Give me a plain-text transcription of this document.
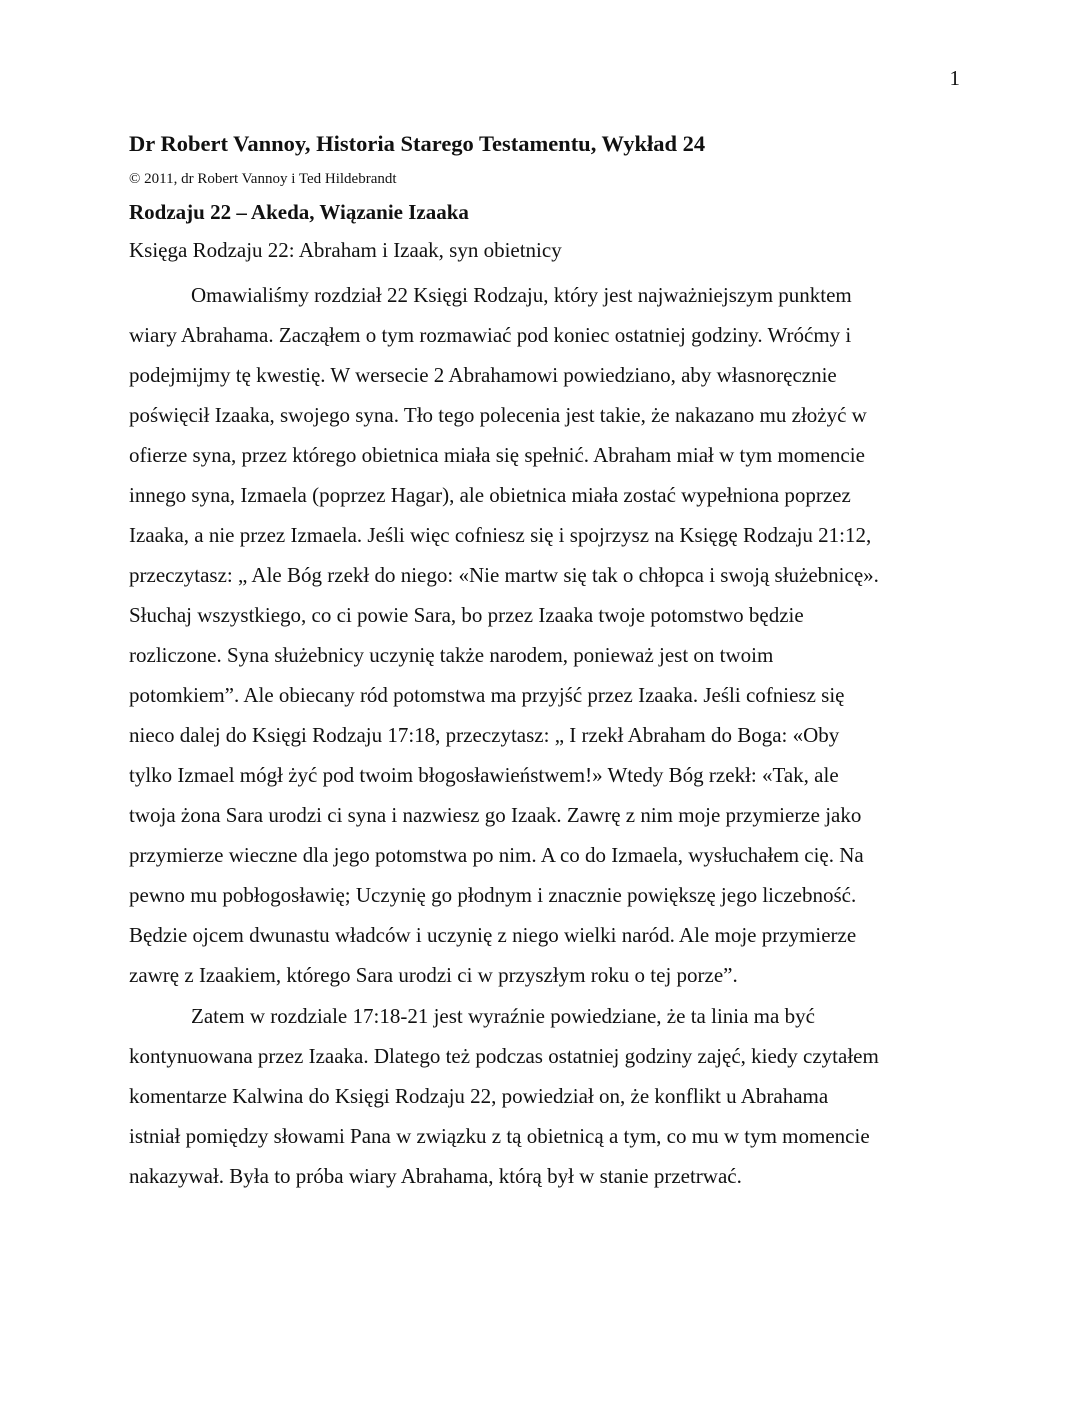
1
Dr Robert Vannoy, Historia Starego Testamentu, Wykład 24

© 2011, dr Robert Vannoy i Ted Hildebrandt

Rodzaju 22 – Akeda, Wiązanie Izaaka

Księga Rodzaju 22: Abraham i Izaak, syn obietnicy

Omawialiśmy rozdział 22 Księgi Rodzaju, który jest najważniejszym punktem
wiary Abrahama. Zacząłem o tym rozmawiać pod koniec ostatniej godziny. Wróćmy i
podejmijmy tę kwestię. W wersecie 2 Abrahamowi powiedziano, aby własnoręcznie
poświęcił Izaaka, swojego syna. Tło tego polecenia jest takie, że nakazano mu złożyć w
ofierze syna, przez którego obietnica miała się spełnić. Abraham miał w tym momencie
innego syna, Izmaela (poprzez Hagar), ale obietnica miała zostać wypełniona poprzez
Izaaka, a nie przez Izmaela. Jeśli więc cofniesz się i spojrzysz na Księgę Rodzaju 21:12,
przeczytasz: „ Ale Bóg rzekł do niego: «Nie martw się tak o chłopca i swoją służebnicę».
Słuchaj wszystkiego, co ci powie Sara, bo przez Izaaka twoje potomstwo będzie
rozliczone. Syna służebnicy uczynię także narodem, ponieważ jest on twoim
potomkiem”. Ale obiecany ród potomstwa ma przyjść przez Izaaka. Jeśli cofniesz się
nieco dalej do Księgi Rodzaju 17:18, przeczytasz: „ I rzekł Abraham do Boga: «Oby
tylko Izmael mógł żyć pod twoim błogosławieństwem!» Wtedy Bóg rzekł: «Tak, ale
twoja żona Sara urodzi ci syna i nazwiesz go Izaak. Zawrę z nim moje przymierze jako
przymierze wieczne dla jego potomstwa po nim. A co do Izmaela, wysłuchałem cię. Na
pewno mu pobłogosławię; Uczynię go płodnym i znacznie powiększę jego liczebność.
Będzie ojcem dwunastu władców i uczynię z niego wielki naród. Ale moje przymierze
zawrę z Izaakiem, którego Sara urodzi ci w przyszłym roku o tej porze”.

Zatem w rozdziale 17:18-21 jest wyraźnie powiedziane, że ta linia ma być
kontynuowana przez Izaaka. Dlatego też podczas ostatniej godziny zajęć, kiedy czytałem
komentarze Kalwina do Księgi Rodzaju 22, powiedział on, że konflikt u Abrahama
istniał pomiędzy słowami Pana w związku z tą obietnicą a tym, co mu w tym momencie
nakazywał. Była to próba wiary Abrahama, którą był w stanie przetrwać.
